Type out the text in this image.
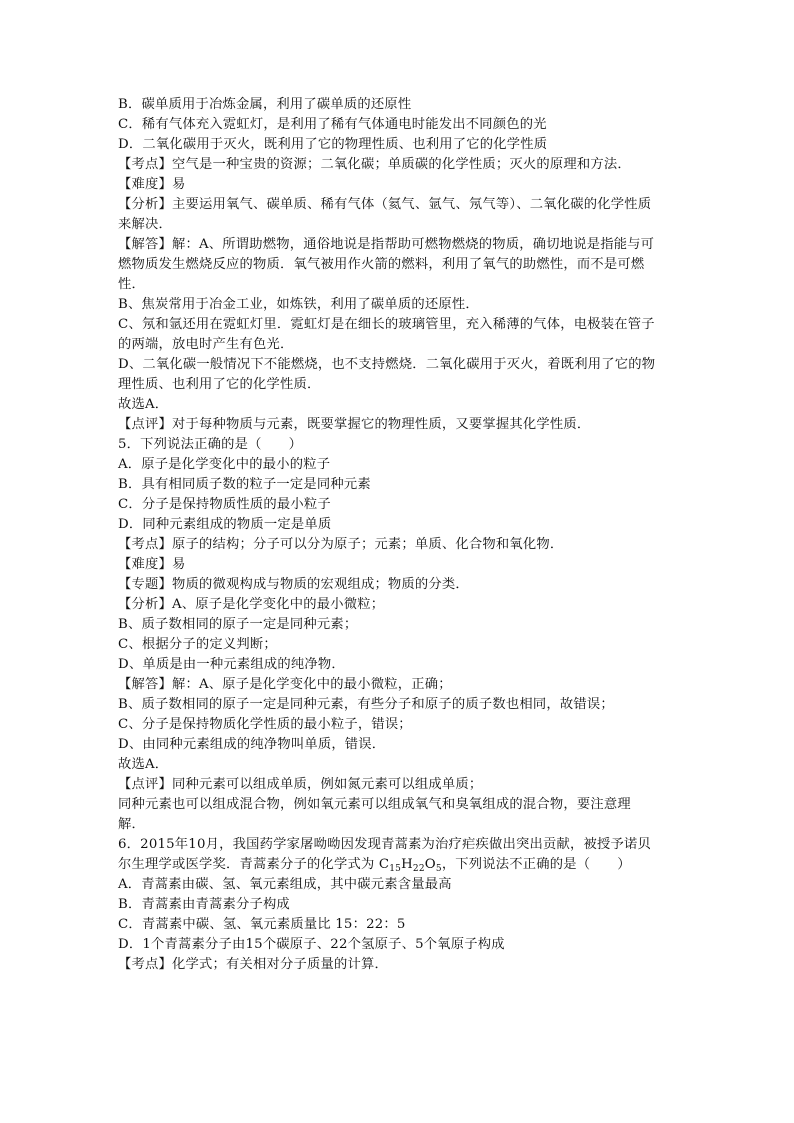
B．碳单质用于冶炼金属，利用了碳单质的还原性
C．稀有气体充入霓虹灯，是利用了稀有气体通电时能发出不同颜色的光
D．二氧化碳用于灭火，既利用了它的物理性质、也利用了它的化学性质
【考点】空气是一种宝贵的资源；二氧化碳；单质碳的化学性质；灭火的原理和方法．
【难度】易
【分析】主要运用氧气、碳单质、稀有气体（氦气、氩气、氖气等）、二氧化碳的化学性质
来解决．
【解答】解：A、所谓助燃物，通俗地说是指帮助可燃物燃烧的物质，确切地说是指能与可
燃物质发生燃烧反应的物质．氧气被用作火箭的燃料，利用了氧气的助燃性，而不是可燃
性．
B、焦炭常用于冶金工业，如炼铁，利用了碳单质的还原性．
C、氖和氩还用在霓虹灯里．霓虹灯是在细长的玻璃管里，充入稀薄的气体，电极装在管子
的两端，放电时产生有色光．
D、二氧化碳一般情况下不能燃烧，也不支持燃烧．二氧化碳用于灭火，着既利用了它的物
理性质、也利用了它的化学性质．
故选A．
【点评】对于每种物质与元素，既要掌握它的物理性质，又要掌握其化学性质．
5．下列说法正确的是（　　）
A．原子是化学变化中的最小的粒子
B．具有相同质子数的粒子一定是同种元素
C．分子是保持物质性质的最小粒子
D．同种元素组成的物质一定是单质
【考点】原子的结构；分子可以分为原子；元素；单质、化合物和氧化物．
【难度】易
【专题】物质的微观构成与物质的宏观组成；物质的分类．
【分析】A、原子是化学变化中的最小微粒；
B、质子数相同的原子一定是同种元素；
C、根据分子的定义判断；
D、单质是由一种元素组成的纯净物．
【解答】解：A、原子是化学变化中的最小微粒，正确；
B、质子数相同的原子一定是同种元素，有些分子和原子的质子数也相同，故错误；
C、分子是保持物质化学性质的最小粒子，错误；
D、由同种元素组成的纯净物叫单质，错误．
故选A．
【点评】同种元素可以组成单质，例如氮元素可以组成单质；
同种元素也可以组成混合物，例如氧元素可以组成氧气和臭氧组成的混合物，要注意理
解．
6．2015年10月，我国药学家屠呦呦因发现青蒿素为治疗疟疾做出突出贡献，被授予诺贝
尔生理学或医学奖．青蒿素分子的化学式为 $C_{15}H_{22}O_5$，下列说法不正确的是（　　）
A．青蒿素由碳、氢、氧元素组成，其中碳元素含量最高
B．青蒿素由青蒿素分子构成
C．青蒿素中碳、氢、氧元素质量比 15：22：5
D．1个青蒿素分子由15个碳原子、22个氢原子、5个氧原子构成
【考点】化学式；有关相对分子质量的计算．
